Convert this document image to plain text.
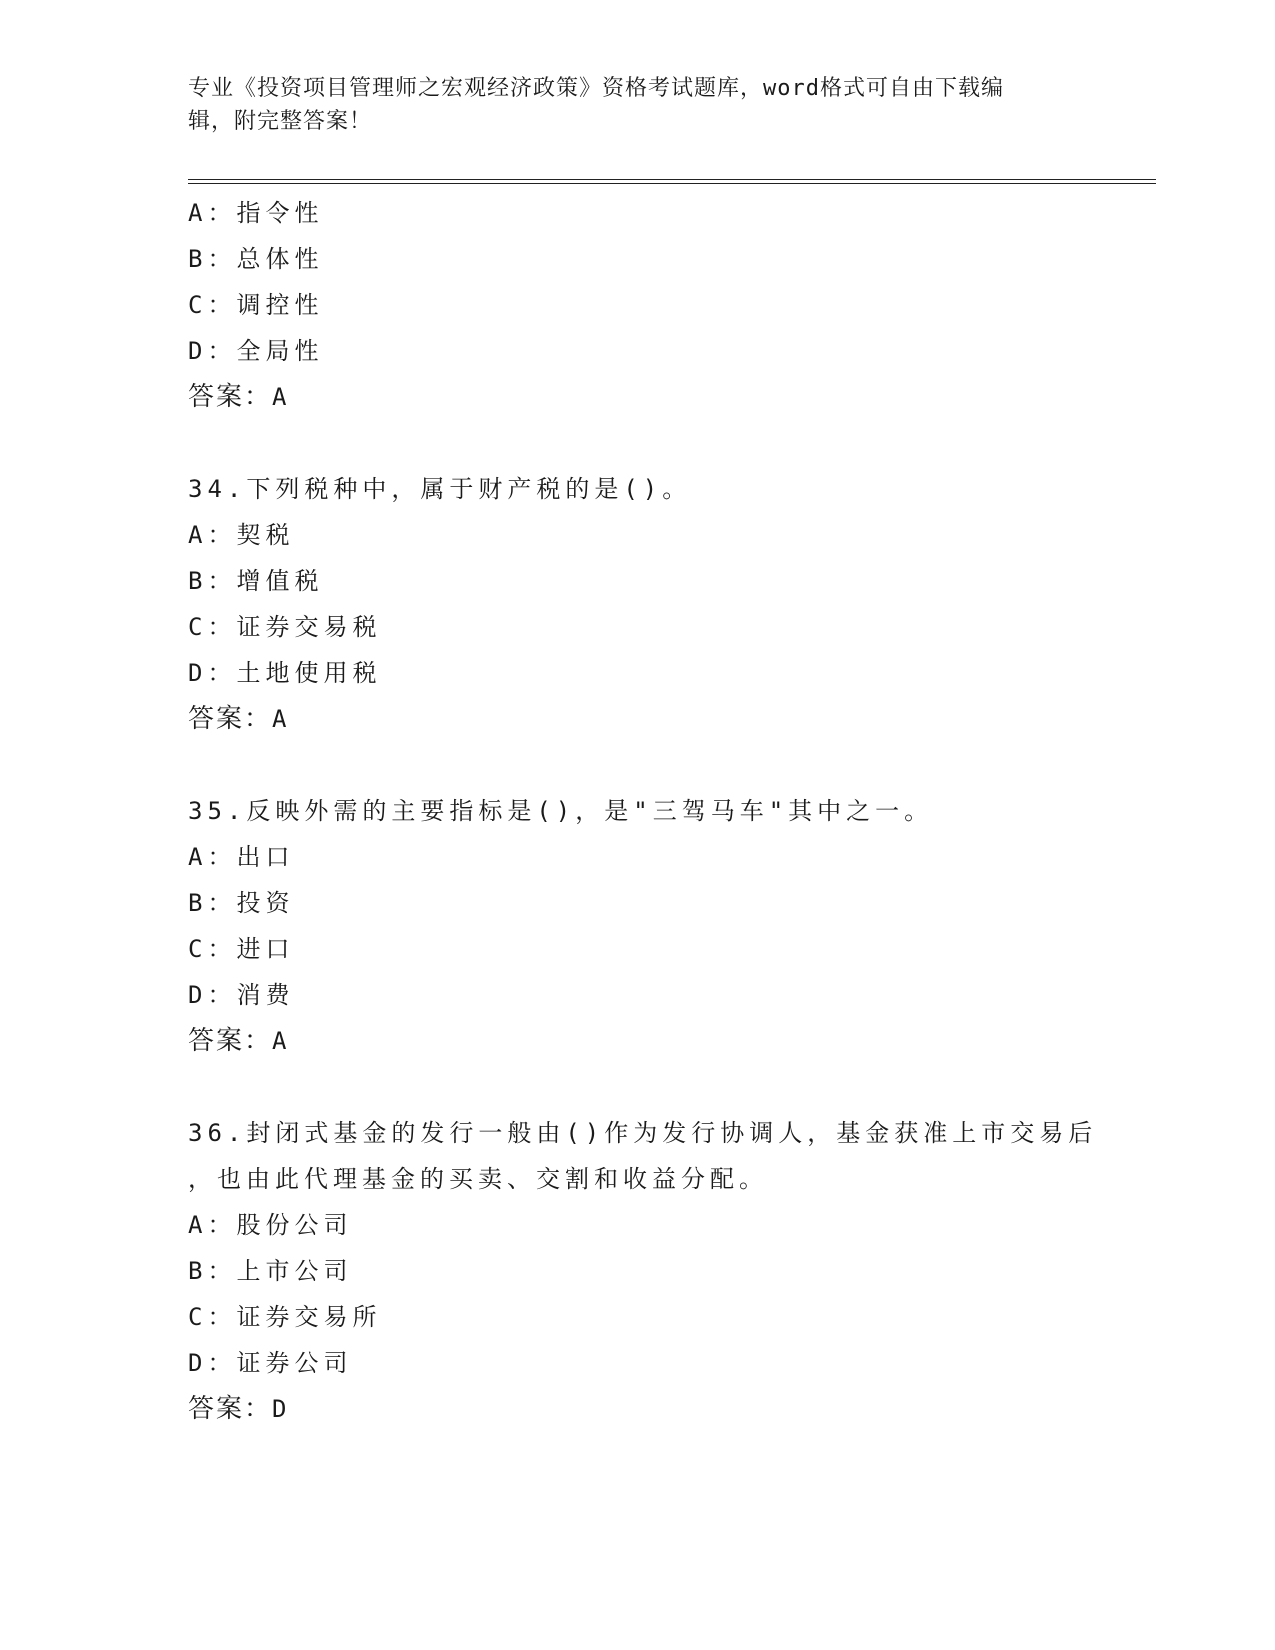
专业《投资项目管理师之宏观经济政策》资格考试题库，word格式可自由下载编
辑，附完整答案！
A：指令性
B：总体性
C：调控性
D：全局性
答案：A
34.下列税种中，属于财产税的是()。
A：契税
B：增值税
C：证券交易税
D：土地使用税
答案：A
35.反映外需的主要指标是()，是"三驾马车"其中之一。
A：出口
B：投资
C：进口
D：消费
答案：A
36.封闭式基金的发行一般由()作为发行协调人，基金获准上市交易后
，也由此代理基金的买卖、交割和收益分配。
A：股份公司
B：上市公司
C：证券交易所
D：证券公司
答案：D
